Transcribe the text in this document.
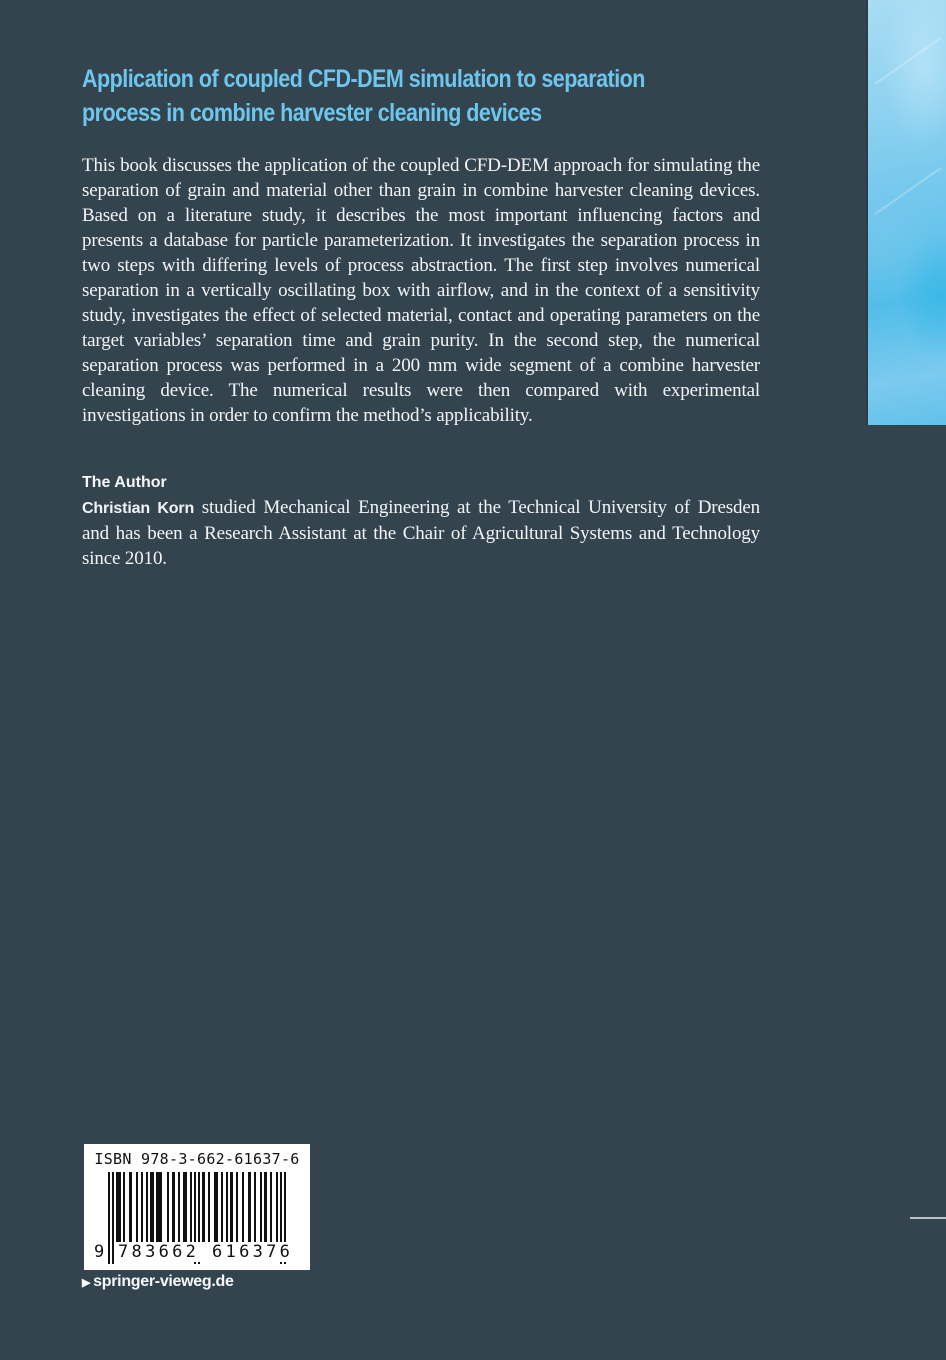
Application of coupled CFD-DEM simulation to separation
process in combine harvester cleaning devices

This book discusses the application of the coupled CFD-DEM approach for simulating the separation of grain and material other than grain in combine harvester cleaning devices. Based on a literature study, it describes the most important influencing factors and presents a database for particle parameterization. It investigates the separation process in two steps with differing levels of process abstraction. The first step involves numerical separation in a vertically oscillating box with airflow, and in the context of a sensitivity study, investigates the effect of selected material, contact and operating parameters on the target variables’ separation time and grain purity. In the second step, the numerical separation process was performed in a 200 mm wide segment of a combine harvester cleaning device. The numerical results were then compared with experimental investigations in order to confirm the method’s applicability.

The Author

Christian Korn studied Mechanical Engineering at the Technical University of Dresden and has been a Research Assistant at the Chair of Agricultural Systems and Technology since 2010.

ISBN 978-3-662-61637-6
9 783662 616376
▶ springer-vieweg.de
